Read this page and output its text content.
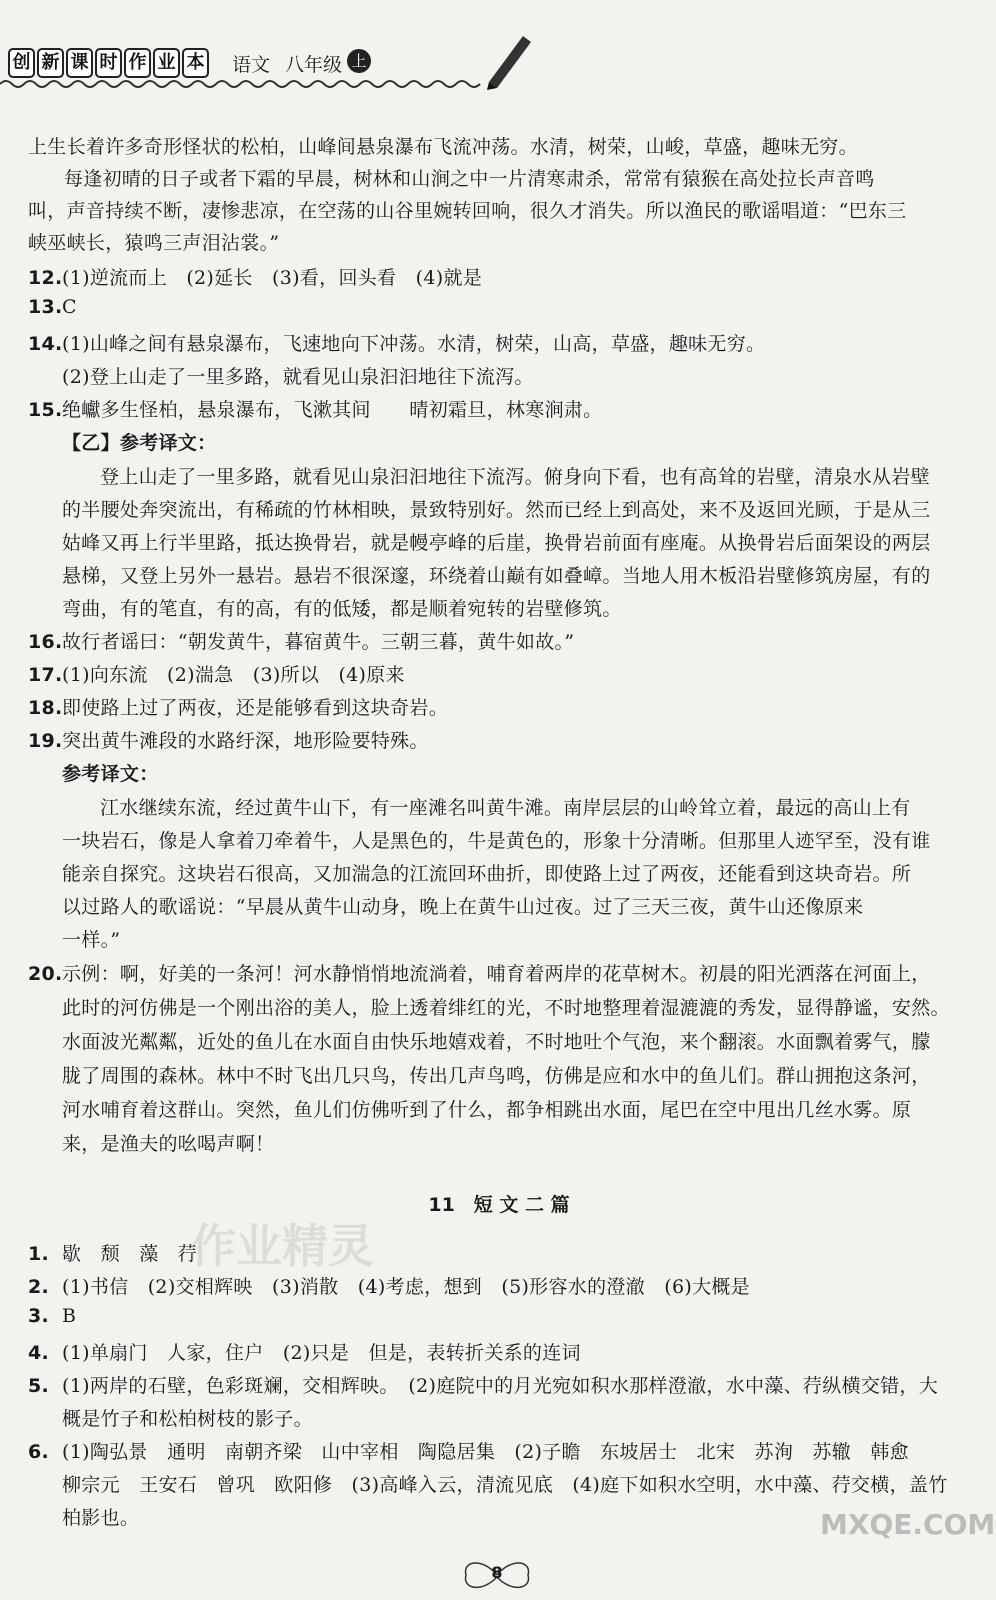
创 新 课 时 作 业 本 语文 八年级 上
作业精灵
上生长着许多奇形怪状的松柏，山峰间悬泉瀑布飞流冲荡。水清，树荣，山峻，草盛，趣味无穷。
每逢初晴的日子或者下霜的早晨，树林和山涧之中一片清寒肃杀，常常有猿猴在高处拉长声音鸣
叫，声音持续不断，凄惨悲凉，在空荡的山谷里婉转回响，很久才消失。所以渔民的歌谣唱道：“巴东三
峡巫峡长，猿鸣三声泪沾裳。”
12.(1)逆流而上　(2)延长　(3)看，回头看　(4)就是
13.C
14.(1)山峰之间有悬泉瀑布，飞速地向下冲荡。水清，树荣，山高，草盛，趣味无穷。
(2)登上山走了一里多路，就看见山泉汩汩地往下流泻。
15.绝巘多生怪柏，悬泉瀑布，飞漱其间　　晴初霜旦，林寒涧肃。
【乙】参考译文：
登上山走了一里多路，就看见山泉汩汩地往下流泻。俯身向下看，也有高耸的岩壁，清泉水从岩壁
的半腰处奔突流出，有稀疏的竹林相映，景致特别好。然而已经上到高处，来不及返回光顾，于是从三
姑峰又再上行半里路，抵达换骨岩，就是幔亭峰的后崖，换骨岩前面有座庵。从换骨岩后面架设的两层
悬梯，又登上另外一悬岩。悬岩不很深邃，环绕着山巅有如叠嶂。当地人用木板沿岩壁修筑房屋，有的
弯曲，有的笔直，有的高，有的低矮，都是顺着宛转的岩壁修筑。
16.故行者谣曰：“朝发黄牛，暮宿黄牛。三朝三暮，黄牛如故。”
17.(1)向东流　(2)湍急　(3)所以　(4)原来
18.即使路上过了两夜，还是能够看到这块奇岩。
19.突出黄牛滩段的水路纡深，地形险要特殊。
参考译文：
江水继续东流，经过黄牛山下，有一座滩名叫黄牛滩。南岸层层的山岭耸立着，最远的高山上有
一块岩石，像是人拿着刀牵着牛，人是黑色的，牛是黄色的，形象十分清晰。但那里人迹罕至，没有谁
能亲自探究。这块岩石很高，又加湍急的江流回环曲折，即使路上过了两夜，还能看到这块奇岩。所
以过路人的歌谣说：“早晨从黄牛山动身，晚上在黄牛山过夜。过了三天三夜，黄牛山还像原来
一样。”
20.示例：啊，好美的一条河！河水静悄悄地流淌着，哺育着两岸的花草树木。初晨的阳光洒落在河面上，
此时的河仿佛是一个刚出浴的美人，脸上透着绯红的光，不时地整理着湿漉漉的秀发，显得静谧，安然。
水面波光粼粼，近处的鱼儿在水面自由快乐地嬉戏着，不时地吐个气泡，来个翻滚。水面飘着雾气，朦
胧了周围的森林。林中不时飞出几只鸟，传出几声鸟鸣，仿佛是应和水中的鱼儿们。群山拥抱这条河，
河水哺育着这群山。突然，鱼儿们仿佛听到了什么，都争相跳出水面，尾巴在空中甩出几丝水雾。原
来，是渔夫的吆喝声啊！
11　短 文 二 篇
1. 歇　颓　藻　荇
2. (1)书信　(2)交相辉映　(3)消散　(4)考虑，想到　(5)形容水的澄澈　(6)大概是
3. B
4. (1)单扇门　人家，住户　(2)只是　但是，表转折关系的连词
5. (1)两岸的石壁，色彩斑斓，交相辉映。　(2)庭院中的月光宛如积水那样澄澈，水中藻、荇纵横交错，大
概是竹子和松柏树枝的影子。
6. (1)陶弘景　通明　南朝齐梁　山中宰相　陶隐居集　(2)子瞻　东坡居士　北宋　苏洵　苏辙　韩愈
柳宗元　王安石　曾巩　欧阳修　(3)高峰入云，清流见底　(4)庭下如积水空明，水中藻、荇交横，盖竹
柏影也。	MXQE.COM
8
